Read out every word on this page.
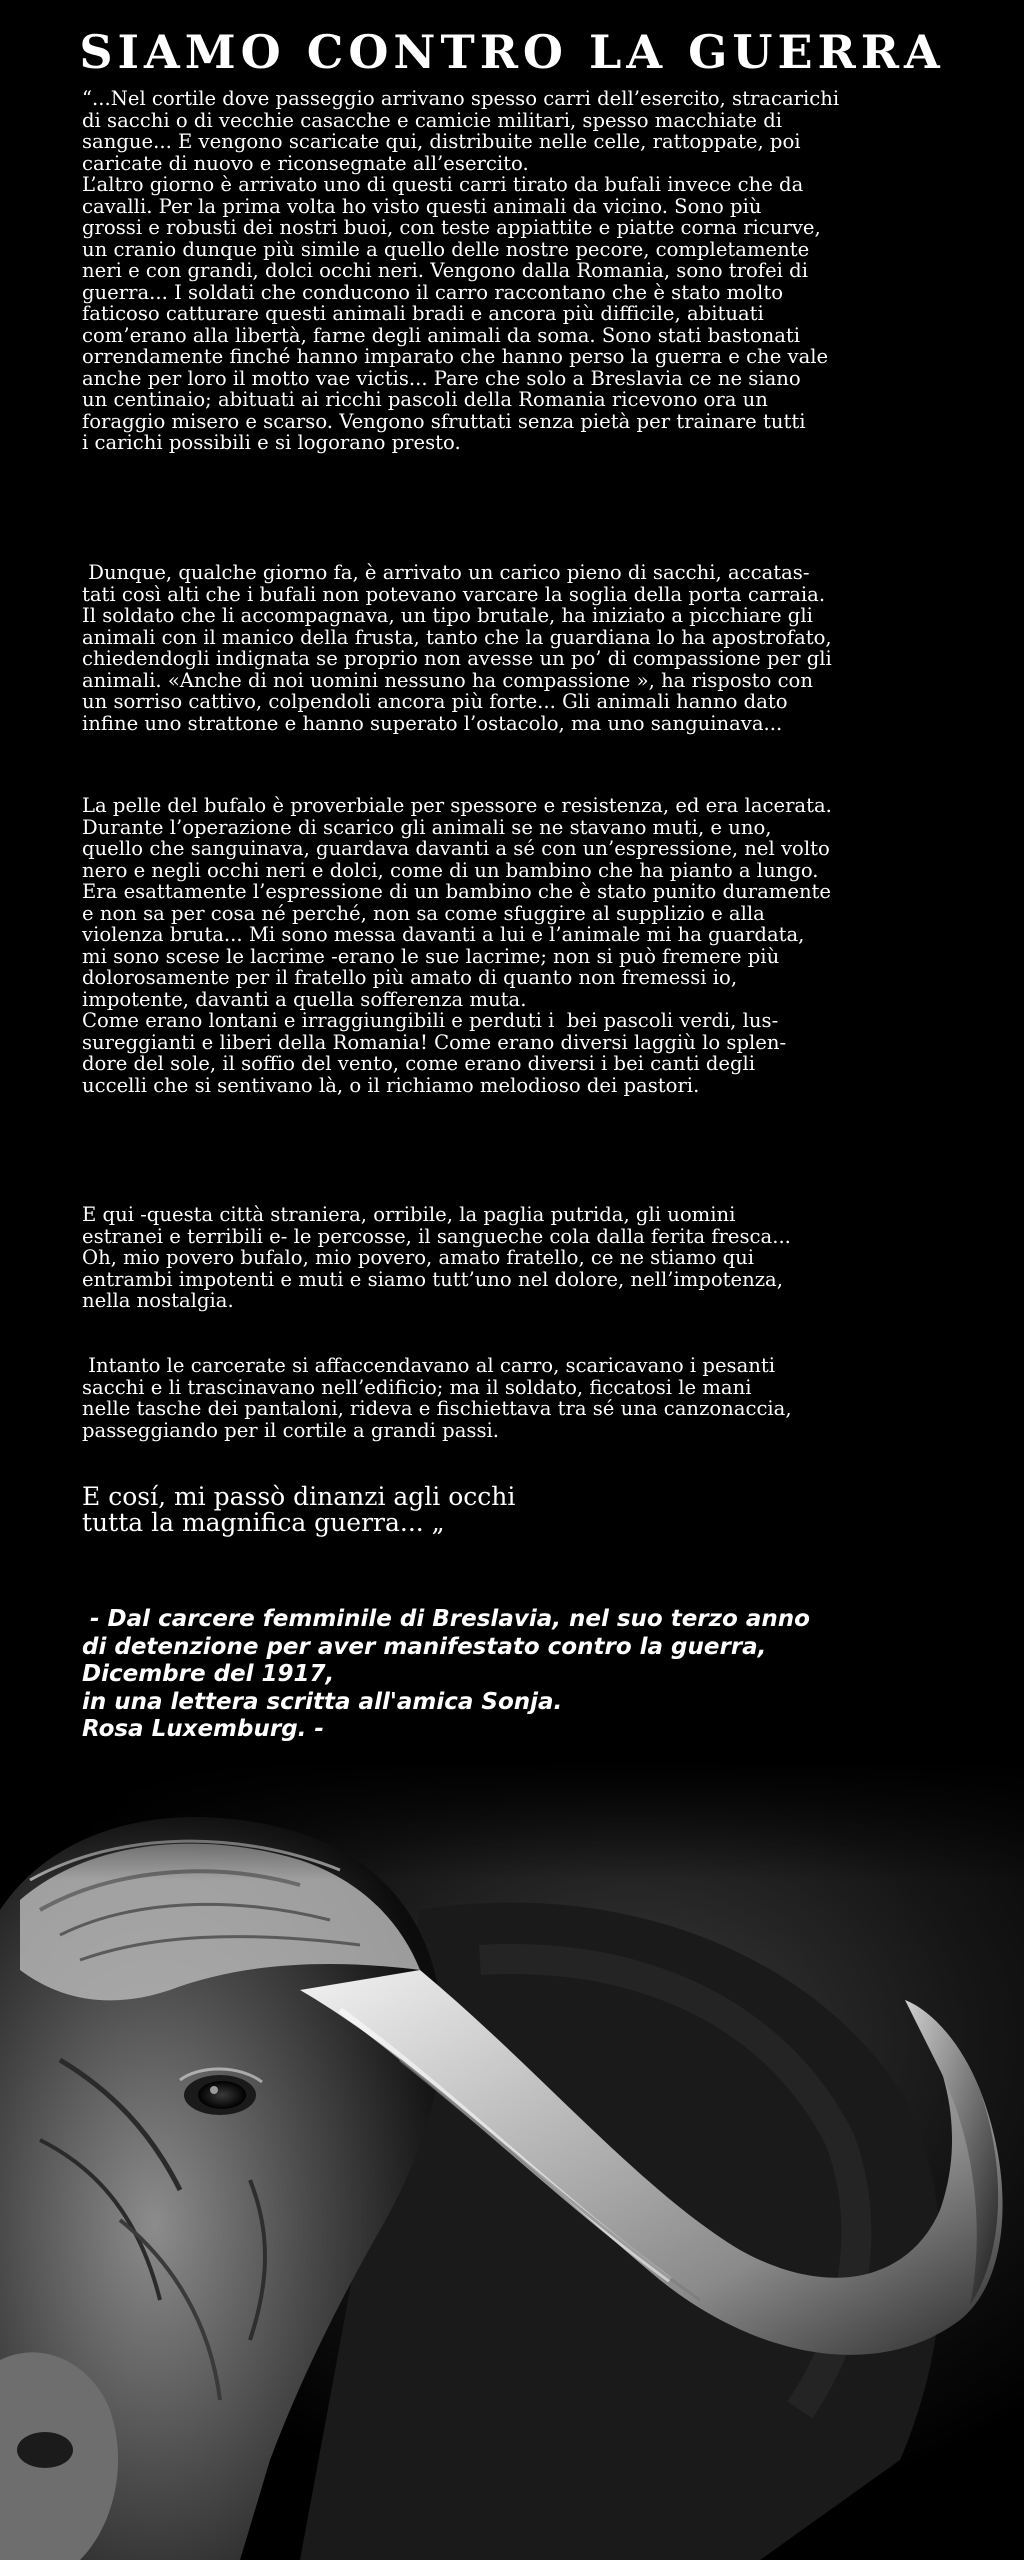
SIAMO CONTRO LA GUERRA
“...Nel cortile dove passeggio arrivano spesso carri dell’esercito, stracarichi
di sacchi o di vecchie casacche e camicie militari, spesso macchiate di
sangue... E vengono scaricate qui, distribuite nelle celle, rattoppate, poi
caricate di nuovo e riconsegnate all’esercito.
L’altro giorno è arrivato uno di questi carri tirato da bufali invece che da
cavalli. Per la prima volta ho visto questi animali da vicino. Sono più
grossi e robusti dei nostri buoi, con teste appiattite e piatte corna ricurve,
un cranio dunque più simile a quello delle nostre pecore, completamente
neri e con grandi, dolci occhi neri. Vengono dalla Romania, sono trofei di
guerra... I soldati che conducono il carro raccontano che è stato molto
faticoso catturare questi animali bradi e ancora più difficile, abituati
com’erano alla libertà, farne degli animali da soma. Sono stati bastonati
orrendamente finché hanno imparato che hanno perso la guerra e che vale
anche per loro il motto vae victis... Pare che solo a Breslavia ce ne siano
un centinaio; abituati ai ricchi pascoli della Romania ricevono ora un
foraggio misero e scarso. Vengono sfruttati senza pietà per trainare tutti
i carichi possibili e si logorano presto.
Dunque, qualche giorno fa, è arrivato un carico pieno di sacchi, accatas-
tati così alti che i bufali non potevano varcare la soglia della porta carraia.
Il soldato che li accompagnava, un tipo brutale, ha iniziato a picchiare gli
animali con il manico della frusta, tanto che la guardiana lo ha apostrofato,
chiedendogli indignata se proprio non avesse un po’ di compassione per gli
animali. «Anche di noi uomini nessuno ha compassione », ha risposto con
un sorriso cattivo, colpendoli ancora più forte... Gli animali hanno dato
infine uno strattone e hanno superato l’ostacolo, ma uno sanguinava...
La pelle del bufalo è proverbiale per spessore e resistenza, ed era lacerata.
Durante l’operazione di scarico gli animali se ne stavano muti, e uno,
quello che sanguinava, guardava davanti a sé con un’espressione, nel volto
nero e negli occhi neri e dolci, come di un bambino che ha pianto a lungo.
Era esattamente l’espressione di un bambino che è stato punito duramente
e non sa per cosa né perché, non sa come sfuggire al supplizio e alla
violenza bruta... Mi sono messa davanti a lui e l’animale mi ha guardata,
mi sono scese le lacrime -erano le sue lacrime; non si può fremere più
dolorosamente per il fratello più amato di quanto non fremessi io,
impotente, davanti a quella sofferenza muta.
Come erano lontani e irraggiungibili e perduti i  bei pascoli verdi, lus-
sureggianti e liberi della Romania! Come erano diversi laggiù lo splen-
dore del sole, il soffio del vento, come erano diversi i bei canti degli
uccelli che si sentivano là, o il richiamo melodioso dei pastori.
E qui -questa città straniera, orribile, la paglia putrida, gli uomini
estranei e terribili e- le percosse, il sangueche cola dalla ferita fresca...
Oh, mio povero bufalo, mio povero, amato fratello, ce ne stiamo qui
entrambi impotenti e muti e siamo tutt’uno nel dolore, nell’impotenza,
nella nostalgia.
Intanto le carcerate si affaccendavano al carro, scaricavano i pesanti
sacchi e li trascinavano nell’edificio; ma il soldato, ficcatosi le mani
nelle tasche dei pantaloni, rideva e fischiettava tra sé una canzonaccia,
passeggiando per il cortile a grandi passi.
E cosí, mi passò dinanzi agli occhi
tutta la magnifica guerra... „
- Dal carcere femminile di Breslavia, nel suo terzo anno
di detenzione per aver manifestato contro la guerra,
Dicembre del 1917,
in una lettera scritta all'amica Sonja.
Rosa Luxemburg. -
